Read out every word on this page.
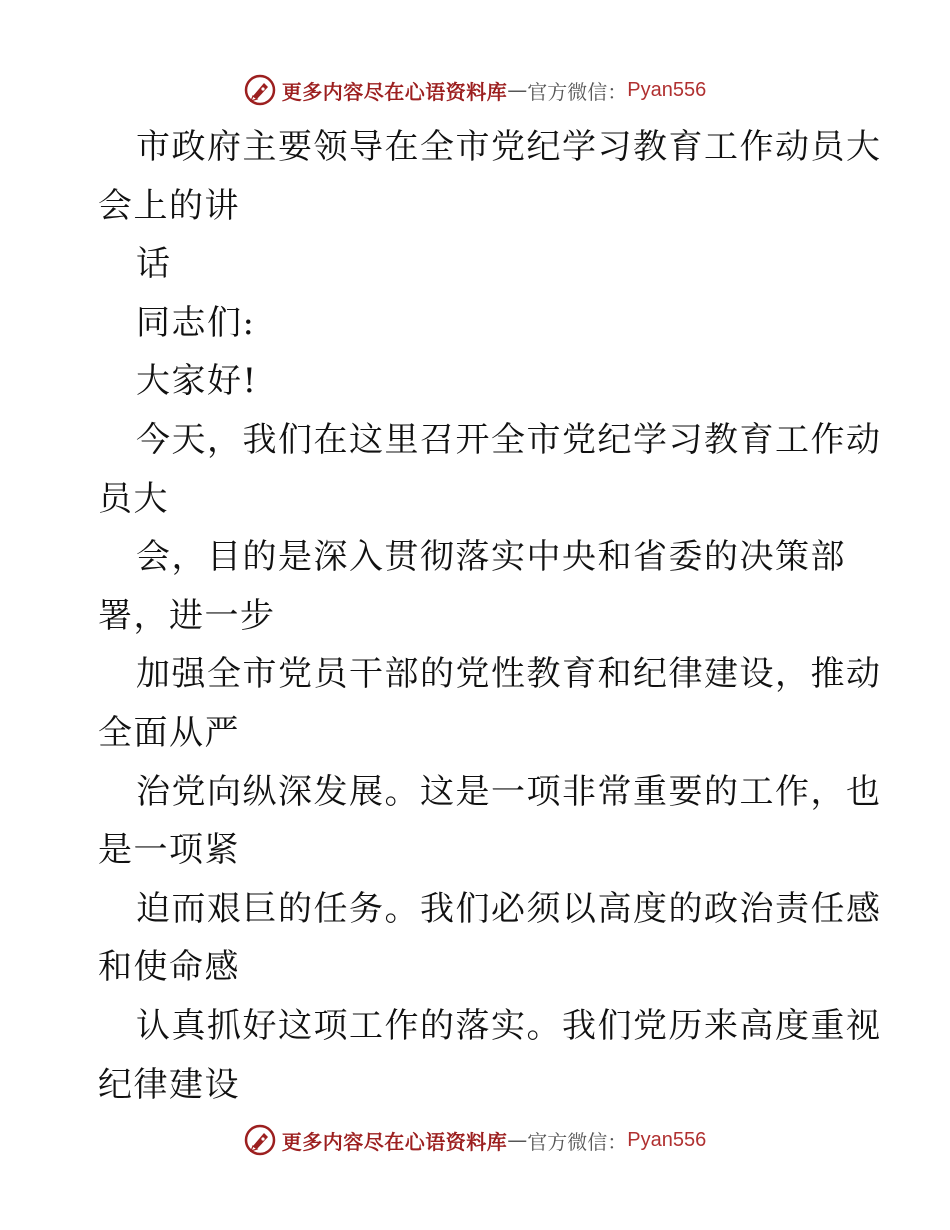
更多内容尽在心语资料库 — 官方微信： Pyan556
市政府主要领导在全市党纪学习教育工作动员大
会上的讲
话
同志们:
大家好!
今天，我们在这里召开全市党纪学习教育工作动
员大
会，目的是深入贯彻落实中央和省委的决策部
署，进一步
加强全市党员干部的党性教育和纪律建设，推动
全面从严
治党向纵深发展。这是一项非常重要的工作，也
是一项紧
迫而艰巨的任务。我们必须以高度的政治责任感
和使命感
认真抓好这项工作的落实。我们党历来高度重视
纪律建设
更多内容尽在心语资料库 — 官方微信： Pyan556
